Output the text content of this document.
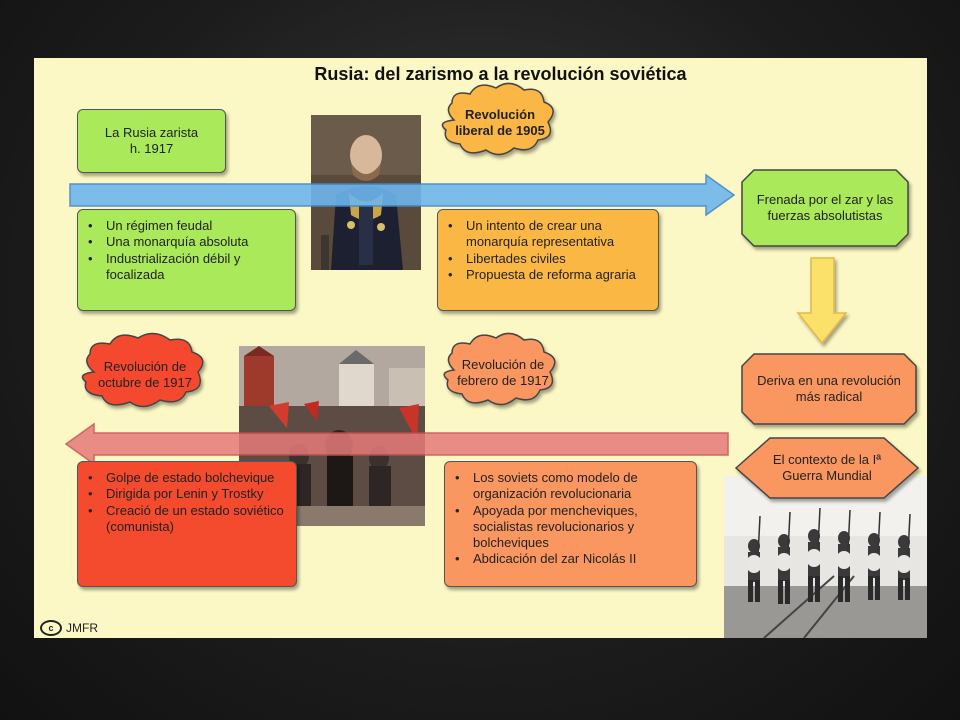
Rusia: del zarismo a la revolución soviética
La Rusia zarista
h. 1917
• Un régimen feudal
• Una monarquía absoluta
• Industrialización débil y focalizada
Revolución liberal de 1905
• Un intento de crear una monarquía representativa
• Libertades civiles
• Propuesta de reforma agraria
Frenada por el zar y las fuerzas absolutistas
Deriva en una revolución más radical
El contexto de la Iª Guerra Mundial
Revolución de febrero de 1917
• Los soviets como modelo de organización revolucionaria
• Apoyada por mencheviques, socialistas revolucionarios y bolcheviques
• Abdicación del zar Nicolás II
Revolución de octubre de 1917
• Golpe de estado bolchevique
• Dirigida por Lenin y Trostky
• Creació de un estado soviético (comunista)
c	JMFR
